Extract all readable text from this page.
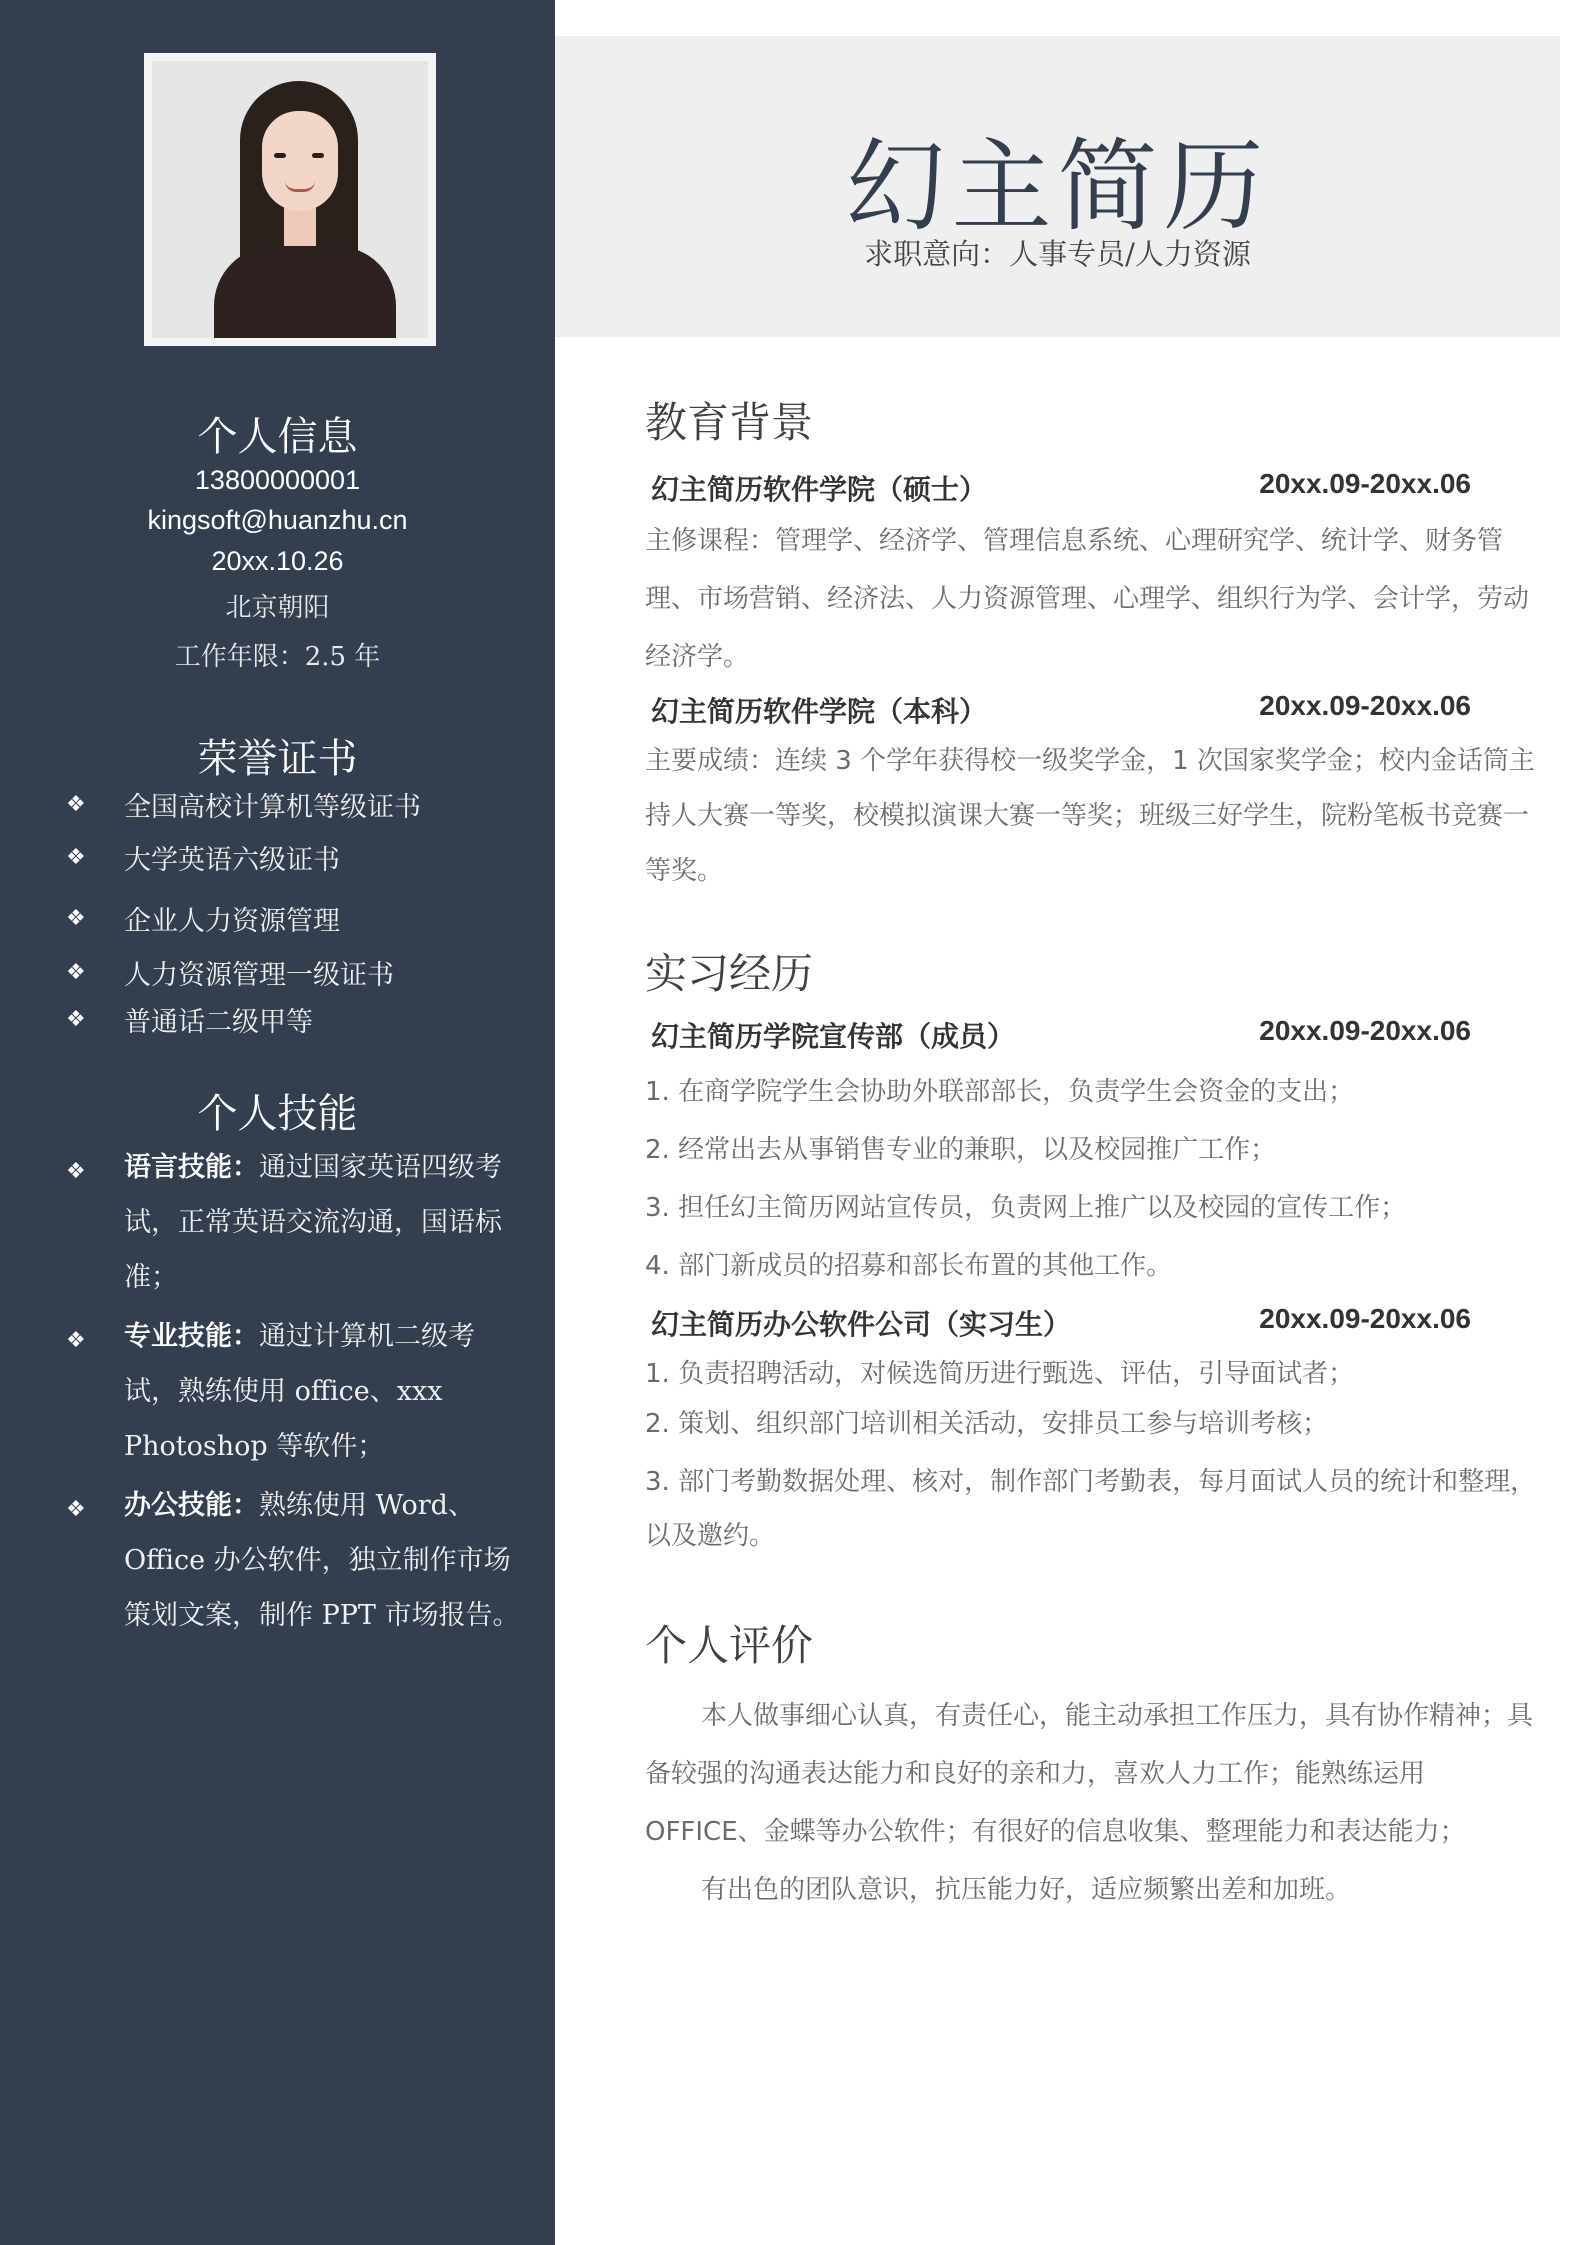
个人信息
13800000001
kingsoft@huanzhu.cn
20xx.10.26
北京朝阳
工作年限：2.5 年
荣誉证书
❖	全国高校计算机等级证书
❖	大学英语六级证书
❖	企业人力资源管理
❖	人力资源管理一级证书
❖	普通话二级甲等
个人技能
❖	语言技能：通过国家英语四级考试，正常英语交流沟通，国语标准；
❖	专业技能：通过计算机二级考试，熟练使用 office、xxx Photoshop 等软件；
❖	办公技能：熟练使用 Word、Office 办公软件，独立制作市场策划文案，制作 PPT 市场报告。
幻主简历
求职意向：人事专员/人力资源
教育背景
幻主简历软件学院（硕士）	20xx.09-20xx.06

主修课程：管理学、经济学、管理信息系统、心理研究学、统计学、财务管理、市场营销、经济法、人力资源管理、心理学、组织行为学、会计学，劳动经济学。

幻主简历软件学院（本科）	20xx.09-20xx.06

主要成绩：连续 3 个学年获得校一级奖学金，1 次国家奖学金；校内金话筒主持人大赛一等奖，校模拟演课大赛一等奖；班级三好学生，院粉笔板书竞赛一等奖。

实习经历
幻主简历学院宣传部（成员）	20xx.09-20xx.06
1. 在商学院学生会协助外联部部长，负责学生会资金的支出；
2. 经常出去从事销售专业的兼职，以及校园推广工作；
3. 担任幻主简历网站宣传员，负责网上推广以及校园的宣传工作；
4. 部门新成员的招募和部长布置的其他工作。
幻主简历办公软件公司（实习生）	20xx.09-20xx.06
1. 负责招聘活动，对候选简历进行甄选、评估，引导面试者；
2. 策划、组织部门培训相关活动，安排员工参与培训考核；
3. 部门考勤数据处理、核对，制作部门考勤表，每月面试人员的统计和整理，以及邀约。
个人评价

本人做事细心认真，有责任心，能主动承担工作压力，具有协作精神；具备较强的沟通表达能力和良好的亲和力，喜欢人力工作；能熟练运用 OFFICE、金蝶等办公软件；有很好的信息收集、整理能力和表达能力；

有出色的团队意识，抗压能力好，适应频繁出差和加班。
